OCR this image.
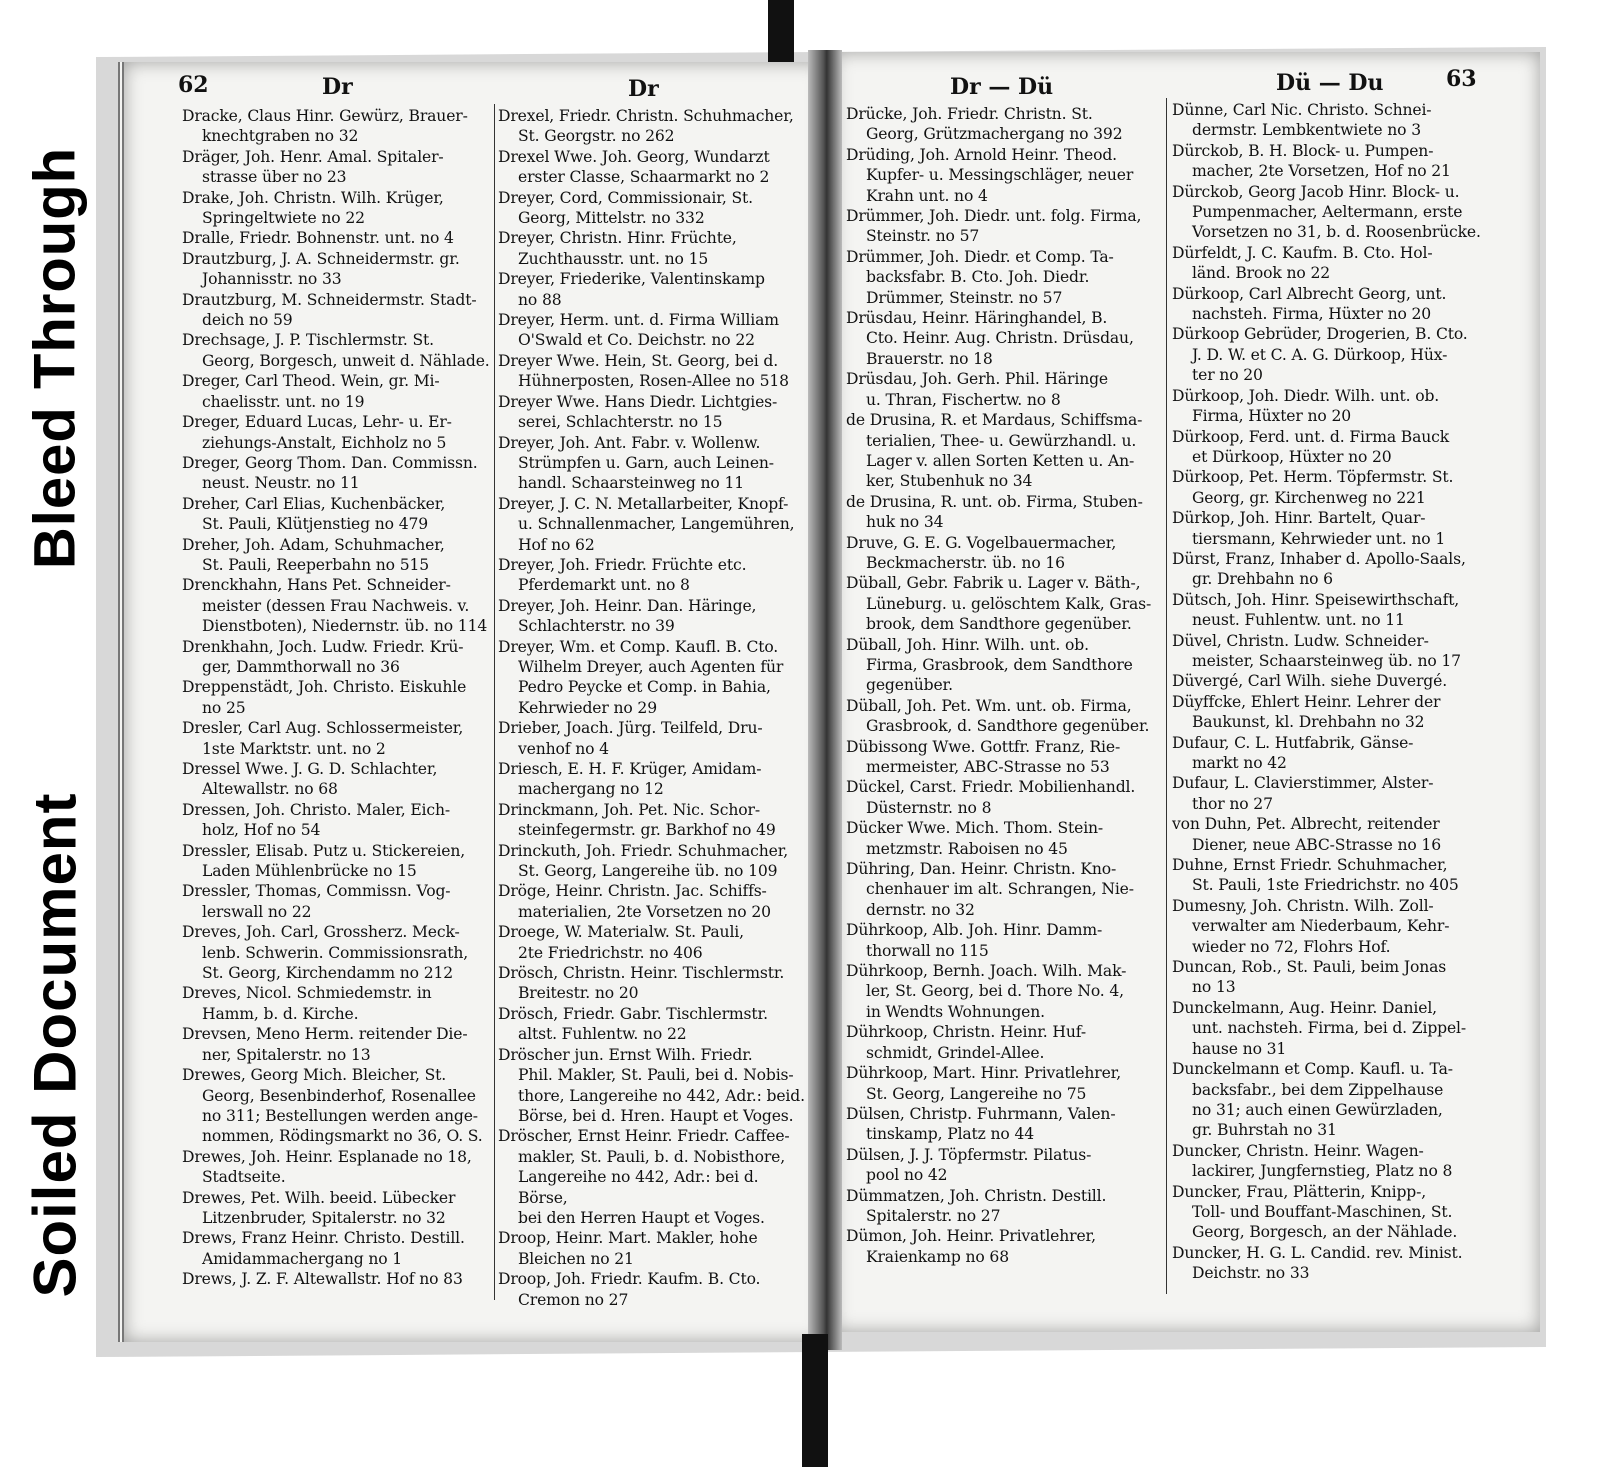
Bleed Through
Soiled Document
62	Dr	Dr	Dr — Dü	Dü — Du	63
Dracke, Claus Hinr. Gewürz, Brauer-
knechtgraben no 32
Dräger, Joh. Henr. Amal. Spitaler-
strasse über no 23
Drake, Joh. Christn. Wilh. Krüger,
Springeltwiete no 22
Dralle, Friedr. Bohnenstr. unt. no 4
Drautzburg, J. A. Schneidermstr. gr.
Johannisstr. no 33
Drautzburg, M. Schneidermstr. Stadt-
deich no 59
Drechsage, J. P. Tischlermstr. St.
Georg, Borgesch, unweit d. Nählade.
Dreger, Carl Theod. Wein, gr. Mi-
chaelisstr. unt. no 19
Dreger, Eduard Lucas, Lehr- u. Er-
ziehungs-Anstalt, Eichholz no 5
Dreger, Georg Thom. Dan. Commissn.
neust. Neustr. no 11
Dreher, Carl Elias, Kuchenbäcker,
St. Pauli, Klütjenstieg no 479
Dreher, Joh. Adam, Schuhmacher,
St. Pauli, Reeperbahn no 515
Drenckhahn, Hans Pet. Schneider-
meister (dessen Frau Nachweis. v.
Dienstboten), Niedernstr. üb. no 114
Drenkhahn, Joch. Ludw. Friedr. Krü-
ger, Dammthorwall no 36
Dreppenstädt, Joh. Christo. Eiskuhle
no 25
Dresler, Carl Aug. Schlossermeister,
1ste Marktstr. unt. no 2
Dressel Wwe. J. G. D. Schlachter,
Altewallstr. no 68
Dressen, Joh. Christo. Maler, Eich-
holz, Hof no 54
Dressler, Elisab. Putz u. Stickereien,
Laden Mühlenbrücke no 15
Dressler, Thomas, Commissn. Vog-
lerswall no 22
Dreves, Joh. Carl, Grossherz. Meck-
lenb. Schwerin. Commissionsrath,
St. Georg, Kirchendamm no 212
Dreves, Nicol. Schmiedemstr. in
Hamm, b. d. Kirche.
Drevsen, Meno Herm. reitender Die-
ner, Spitalerstr. no 13
Drewes, Georg Mich. Bleicher, St.
Georg, Besenbinderhof, Rosenallee
no 311; Bestellungen werden ange-
nommen, Rödingsmarkt no 36, O. S.
Drewes, Joh. Heinr. Esplanade no 18,
Stadtseite.
Drewes, Pet. Wilh. beeid. Lübecker
Litzenbruder, Spitalerstr. no 32
Drews, Franz Heinr. Christo. Destill.
Amidammachergang no 1
Drews, J. Z. F. Altewallstr. Hof no 83
Drexel, Friedr. Christn. Schuhmacher,
St. Georgstr. no 262
Drexel Wwe. Joh. Georg, Wundarzt
erster Classe, Schaarmarkt no 2
Dreyer, Cord, Commissionair, St.
Georg, Mittelstr. no 332
Dreyer, Christn. Hinr. Früchte,
Zuchthausstr. unt. no 15
Dreyer, Friederike, Valentinskamp
no 88
Dreyer, Herm. unt. d. Firma William
O'Swald et Co. Deichstr. no 22
Dreyer Wwe. Hein, St. Georg, bei d.
Hühnerposten, Rosen-Allee no 518
Dreyer Wwe. Hans Diedr. Lichtgies-
serei, Schlachterstr. no 15
Dreyer, Joh. Ant. Fabr. v. Wollenw.
Strümpfen u. Garn, auch Leinen-
handl. Schaarsteinweg no 11
Dreyer, J. C. N. Metallarbeiter, Knopf-
u. Schnallenmacher, Langemühren,
Hof no 62
Dreyer, Joh. Friedr. Früchte etc.
Pferdemarkt unt. no 8
Dreyer, Joh. Heinr. Dan. Häringe,
Schlachterstr. no 39
Dreyer, Wm. et Comp. Kaufl. B. Cto.
Wilhelm Dreyer, auch Agenten für
Pedro Peycke et Comp. in Bahia,
Kehrwieder no 29
Drieber, Joach. Jürg. Teilfeld, Dru-
venhof no 4
Driesch, E. H. F. Krüger, Amidam-
machergang no 12
Drinckmann, Joh. Pet. Nic. Schor-
steinfegermstr. gr. Barkhof no 49
Drinckuth, Joh. Friedr. Schuhmacher,
St. Georg, Langereihe üb. no 109
Dröge, Heinr. Christn. Jac. Schiffs-
materialien, 2te Vorsetzen no 20
Droege, W. Materialw. St. Pauli,
2te Friedrichstr. no 406
Drösch, Christn. Heinr. Tischlermstr.
Breitestr. no 20
Drösch, Friedr. Gabr. Tischlermstr.
altst. Fuhlentw. no 22
Dröscher jun. Ernst Wilh. Friedr.
Phil. Makler, St. Pauli, bei d. Nobis-
thore, Langereihe no 442, Adr.: beid.
Börse, bei d. Hren. Haupt et Voges.
Dröscher, Ernst Heinr. Friedr. Caffee-
makler, St. Pauli, b. d. Nobisthore,
Langereihe no 442, Adr.: bei d. Börse,
bei den Herren Haupt et Voges.
Droop, Heinr. Mart. Makler, hohe
Bleichen no 21
Droop, Joh. Friedr. Kaufm. B. Cto.
Cremon no 27
Drücke, Joh. Friedr. Christn. St.
Georg, Grützmachergang no 392
Drüding, Joh. Arnold Heinr. Theod.
Kupfer- u. Messingschläger, neuer
Krahn unt. no 4
Drümmer, Joh. Diedr. unt. folg. Firma,
Steinstr. no 57
Drümmer, Joh. Diedr. et Comp. Ta-
backsfabr. B. Cto. Joh. Diedr.
Drümmer, Steinstr. no 57
Drüsdau, Heinr. Häringhandel, B.
Cto. Heinr. Aug. Christn. Drüsdau,
Brauerstr. no 18
Drüsdau, Joh. Gerh. Phil. Häringe
u. Thran, Fischertw. no 8
de Drusina, R. et Mardaus, Schiffsma-
terialien, Thee- u. Gewürzhandl. u.
Lager v. allen Sorten Ketten u. An-
ker, Stubenhuk no 34
de Drusina, R. unt. ob. Firma, Stuben-
huk no 34
Druve, G. E. G. Vogelbauermacher,
Beckmacherstr. üb. no 16
Düball, Gebr. Fabrik u. Lager v. Bäth-,
Lüneburg. u. gelöschtem Kalk, Gras-
brook, dem Sandthore gegenüber.
Düball, Joh. Hinr. Wilh. unt. ob.
Firma, Grasbrook, dem Sandthore
gegenüber.
Düball, Joh. Pet. Wm. unt. ob. Firma,
Grasbrook, d. Sandthore gegenüber.
Dübissong Wwe. Gottfr. Franz, Rie-
mermeister, ABC-Strasse no 53
Dückel, Carst. Friedr. Mobilienhandl.
Düsternstr. no 8
Dücker Wwe. Mich. Thom. Stein-
metzmstr. Raboisen no 45
Dühring, Dan. Heinr. Christn. Kno-
chenhauer im alt. Schrangen, Nie-
dernstr. no 32
Dührkoop, Alb. Joh. Hinr. Damm-
thorwall no 115
Dührkoop, Bernh. Joach. Wilh. Mak-
ler, St. Georg, bei d. Thore No. 4,
in Wendts Wohnungen.
Dührkoop, Christn. Heinr. Huf-
schmidt, Grindel-Allee.
Dührkoop, Mart. Hinr. Privatlehrer,
St. Georg, Langereihe no 75
Dülsen, Christp. Fuhrmann, Valen-
tinskamp, Platz no 44
Dülsen, J. J. Töpfermstr. Pilatus-
pool no 42
Dümmatzen, Joh. Christn. Destill.
Spitalerstr. no 27
Dümon, Joh. Heinr. Privatlehrer,
Kraienkamp no 68
Dünne, Carl Nic. Christo. Schnei-
dermstr. Lembkentwiete no 3
Dürckob, B. H. Block- u. Pumpen-
macher, 2te Vorsetzen, Hof no 21
Dürckob, Georg Jacob Hinr. Block- u.
Pumpenmacher, Aeltermann, erste
Vorsetzen no 31, b. d. Roosenbrücke.
Dürfeldt, J. C. Kaufm. B. Cto. Hol-
länd. Brook no 22
Dürkoop, Carl Albrecht Georg, unt.
nachsteh. Firma, Hüxter no 20
Dürkoop Gebrüder, Drogerien, B. Cto.
J. D. W. et C. A. G. Dürkoop, Hüx-
ter no 20
Dürkoop, Joh. Diedr. Wilh. unt. ob.
Firma, Hüxter no 20
Dürkoop, Ferd. unt. d. Firma Bauck
et Dürkoop, Hüxter no 20
Dürkoop, Pet. Herm. Töpfermstr. St.
Georg, gr. Kirchenweg no 221
Dürkop, Joh. Hinr. Bartelt, Quar-
tiersmann, Kehrwieder unt. no 1
Dürst, Franz, Inhaber d. Apollo-Saals,
gr. Drehbahn no 6
Dütsch, Joh. Hinr. Speisewirthschaft,
neust. Fuhlentw. unt. no 11
Düvel, Christn. Ludw. Schneider-
meister, Schaarsteinweg üb. no 17
Düvergé, Carl Wilh. siehe Duvergé.
Düyffcke, Ehlert Heinr. Lehrer der
Baukunst, kl. Drehbahn no 32
Dufaur, C. L. Hutfabrik, Gänse-
markt no 42
Dufaur, L. Clavierstimmer, Alster-
thor no 27
von Duhn, Pet. Albrecht, reitender
Diener, neue ABC-Strasse no 16
Duhne, Ernst Friedr. Schuhmacher,
St. Pauli, 1ste Friedrichstr. no 405
Dumesny, Joh. Christn. Wilh. Zoll-
verwalter am Niederbaum, Kehr-
wieder no 72, Flohrs Hof.
Duncan, Rob., St. Pauli, beim Jonas
no 13
Dunckelmann, Aug. Heinr. Daniel,
unt. nachsteh. Firma, bei d. Zippel-
hause no 31
Dunckelmann et Comp. Kaufl. u. Ta-
backsfabr., bei dem Zippelhause
no 31; auch einen Gewürzladen,
gr. Buhrstah no 31
Duncker, Christn. Heinr. Wagen-
lackirer, Jungfernstieg, Platz no 8
Duncker, Frau, Plätterin, Knipp-,
Toll- und Bouffant-Maschinen, St.
Georg, Borgesch, an der Nählade.
Duncker, H. G. L. Candid. rev. Minist.
Deichstr. no 33
